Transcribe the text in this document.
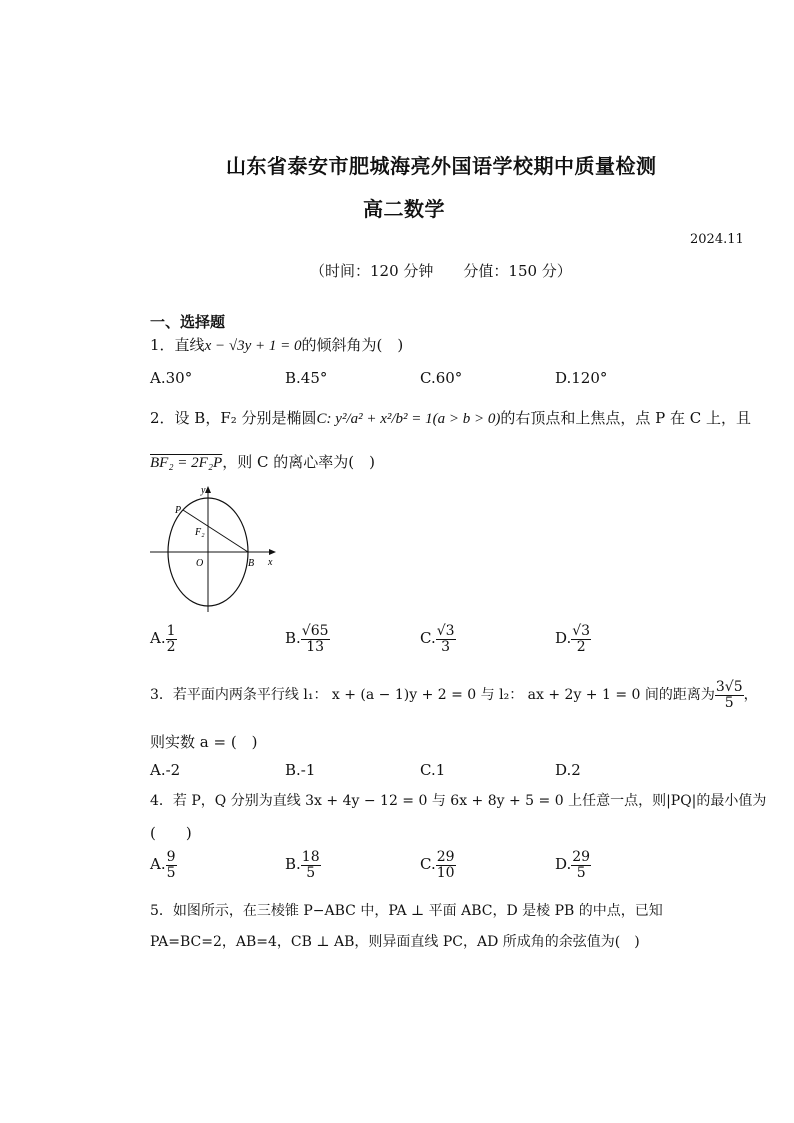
山东省泰安市肥城海亮外国语学校期中质量检测
高二数学
2024.11
（时间：120 分钟　　分值：150 分）
一、选择题
1．直线x − √3y + 1 = 0的倾斜角为(　)
A.30°	B.45°	C.60°	D.120°
2．设 B，F₂ 分别是椭圆C: y²/a² + x²/b² = 1(a > b > 0)的右顶点和上焦点，点 P 在 C 上，且
BF₂ = 2F₂P，则 C 的离心率为(　)
y
x
P
F₂
O	B
A. $\frac{1}{2}$	B. $\frac{√65}{13}$	C. $\frac{√3}{3}$	D. $\frac{√3}{2}$
3．若平面内两条平行线 l₁： x + (a − 1)y + 2 = 0 与 l₂： ax + 2y + 1 = 0 间的距离为 $\frac{3√5}{5}$ ，
则实数 a = (　)
A.-2	B.-1	C.1	D.2
4．若 P，Q 分别为直线 3x + 4y − 12 = 0 与 6x + 8y + 5 = 0 上任意一点，则|PQ|的最小值为
(　　)
A. $\frac{9}{5}$	B. $\frac{18}{5}$	C. $\frac{29}{10}$	D. $\frac{29}{5}$
5．如图所示，在三棱锥 P−ABC 中，PA ⊥ 平面 ABC，D 是棱 PB 的中点，已知
PA=BC=2，AB=4，CB ⊥ AB，则异面直线 PC，AD 所成角的余弦值为(　)
